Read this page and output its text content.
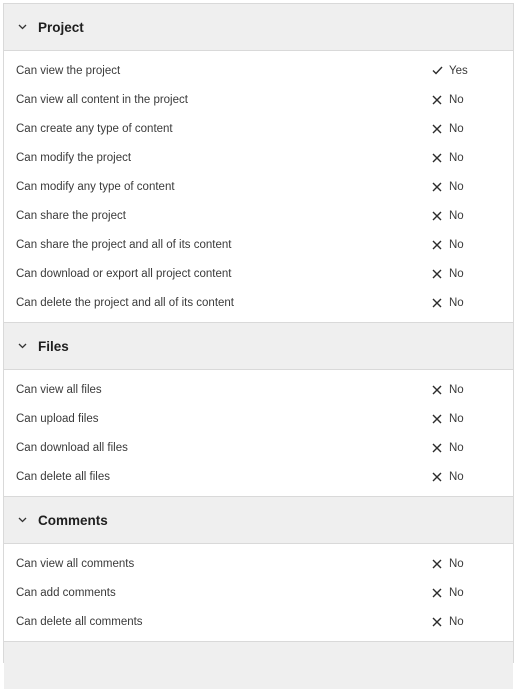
Project
Can view the project	Yes
Can view all content in the project	No
Can create any type of content	No
Can modify the project	No
Can modify any type of content	No
Can share the project	No
Can share the project and all of its content	No
Can download or export all project content	No
Can delete the project and all of its content	No
Files
Can view all files	No
Can upload files	No
Can download all files	No
Can delete all files	No
Comments
Can view all comments	No
Can add comments	No
Can delete all comments	No
